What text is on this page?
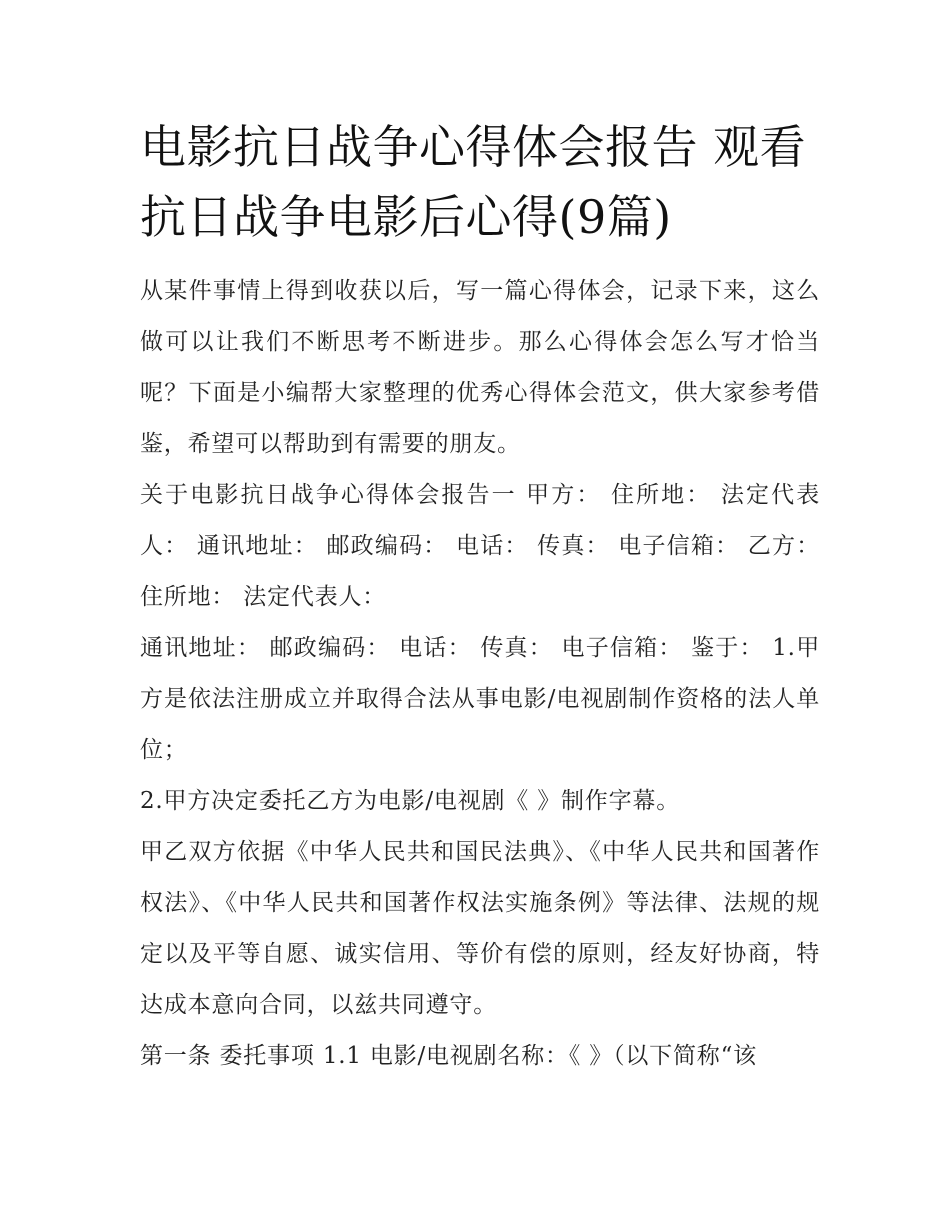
电影抗日战争心得体会报告 观看抗日战争电影后心得(9篇)

从某件事情上得到收获以后，写一篇心得体会，记录下来，这么做可以让我们不断思考不断进步。那么心得体会怎么写才恰当呢？下面是小编帮大家整理的优秀心得体会范文，供大家参考借鉴，希望可以帮助到有需要的朋友。

关于电影抗日战争心得体会报告一 甲方： 住所地： 法定代表人： 通讯地址： 邮政编码： 电话： 传真： 电子信箱： 乙方： 住所地： 法定代表人：

通讯地址： 邮政编码： 电话： 传真： 电子信箱： 鉴于： 1.甲方是依法注册成立并取得合法从事电影/电视剧制作资格的法人单位；

2.甲方决定委托乙方为电影/电视剧《 》制作字幕。

甲乙双方依据《中华人民共和国民法典》、《中华人民共和国著作权法》、《中华人民共和国著作权法实施条例》等法律、法规的规定以及平等自愿、诚实信用、等价有偿的原则，经友好协商，特达成本意向合同，以兹共同遵守。

第一条 委托事项 1.1 电影/电视剧名称：《 》（以下简称“该
